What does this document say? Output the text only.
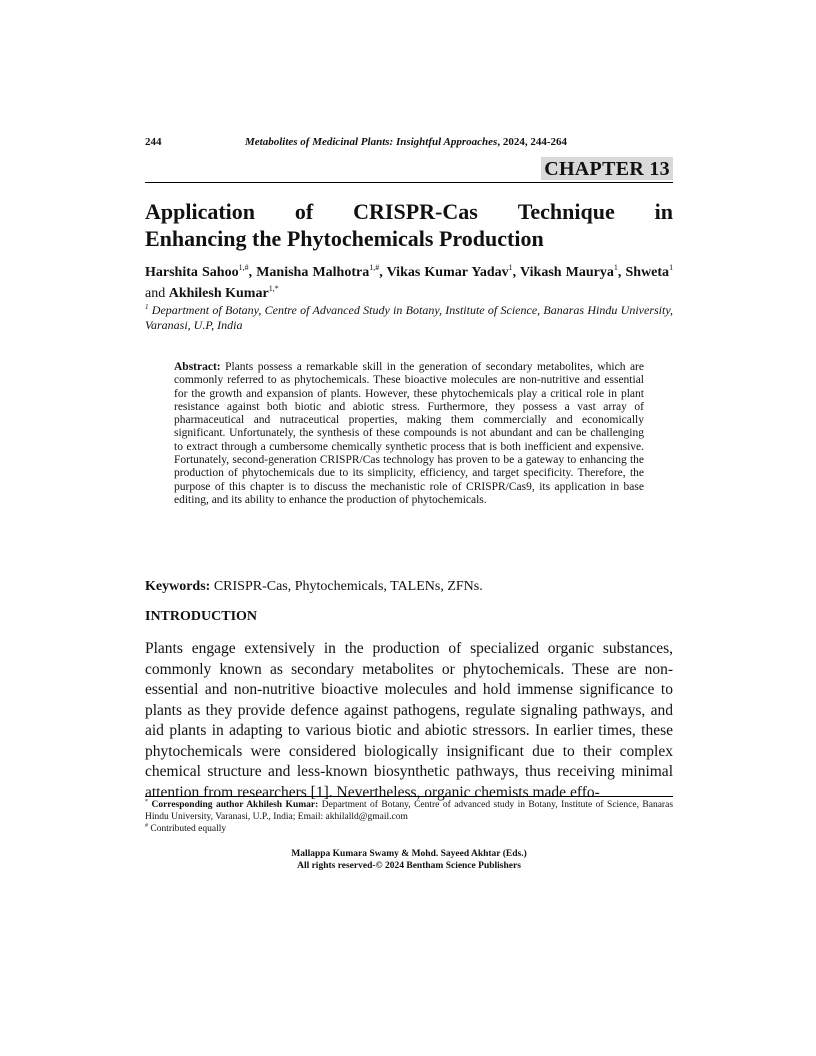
244	Metabolites of Medicinal Plants: Insightful Approaches, 2024, 244-264
CHAPTER 13
Application of CRISPR-Cas Technique in
Enhancing the Phytochemicals Production
Harshita Sahoo$^{1,\#}$, Manisha Malhotra$^{1,\#}$, Vikas Kumar Yadav$^1$, Vikash Maurya$^1$, Shweta$^1$ and Akhilesh Kumar$^{1,*}$
$^1$ Department of Botany, Centre of Advanced Study in Botany, Institute of Science, Banaras Hindu University, Varanasi, U.P, India
Abstract: Plants possess a remarkable skill in the generation of secondary metabolites, which are commonly referred to as phytochemicals. These bioactive molecules are non-nutritive and essential for the growth and expansion of plants. However, these phytochemicals play a critical role in plant resistance against both biotic and abiotic stress. Furthermore, they possess a vast array of pharmaceutical and nutraceutical properties, making them commercially and economically significant. Unfortunately, the synthesis of these compounds is not abundant and can be challenging to extract through a cumbersome chemically synthetic process that is both inefficient and expensive. Fortunately, second-generation CRISPR/Cas technology has proven to be a gateway to enhancing the production of phytochemicals due to its simplicity, efficiency, and target specificity. Therefore, the purpose of this chapter is to discuss the mechanistic role of CRISPR/Cas9, its application in base editing, and its ability to enhance the production of phytochemicals.
Keywords: CRISPR-Cas, Phytochemicals, TALENs, ZFNs.
INTRODUCTION

Plants engage extensively in the production of specialized organic substances, commonly known as secondary metabolites or phytochemicals. These are non-essential and non-nutritive bioactive molecules and hold immense significance to plants as they provide defence against pathogens, regulate signaling pathways, and aid plants in adapting to various biotic and abiotic stressors. In earlier times, these phytochemicals were considered biologically insignificant due to their complex chemical structure and less-known biosynthetic pathways, thus receiving minimal attention from researchers [1]. Nevertheless, organic chemists made effo-

* Corresponding author Akhilesh Kumar: Department of Botany, Centre of advanced study in Botany, Institute of Science, Banaras Hindu University, Varanasi, U.P., India; Email: akhilalld@gmail.com
# Contributed equally
Mallappa Kumara Swamy & Mohd. Sayeed Akhtar (Eds.)
All rights reserved-© 2024 Bentham Science Publishers
